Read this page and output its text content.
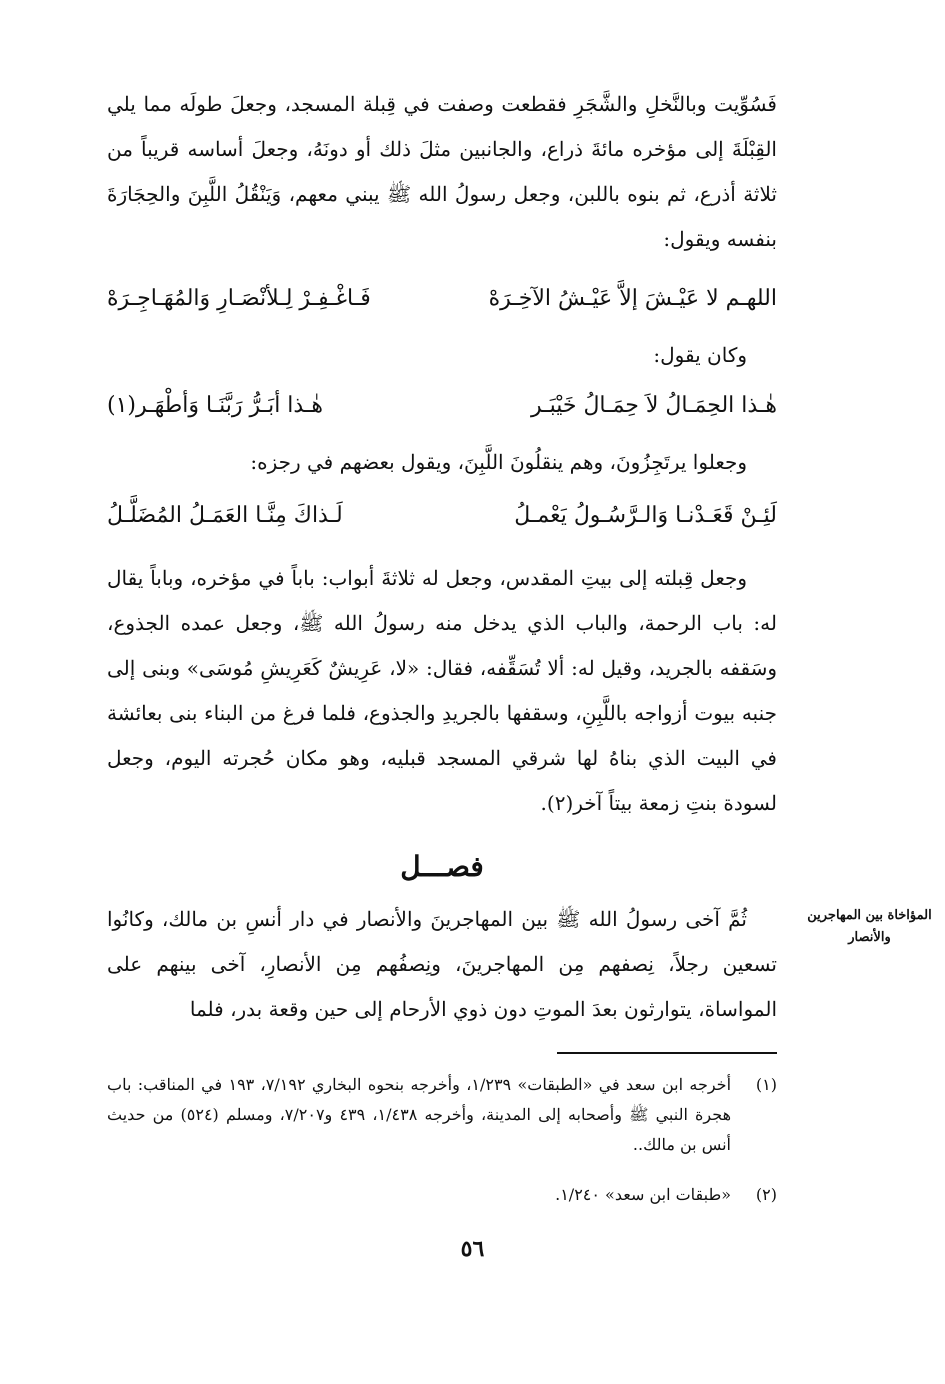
فَسُوِّيت وبالنَّخلِ والشَّجَرِ فقطعت وصفت في قِبلة المسجد، وجعلَ طولَه مما يلي القِبْلَةَ إلى مؤخره مائةَ ذراع، والجانبين مثلَ ذلك أو دونَهُ، وجعلَ أساسه قريباً من ثلاثة أذرع، ثم بنوه باللبن، وجعل رسولُ الله ﷺ يبني معهم، وَيَنْقُلُ اللَّبِنَ والحِجَارَةَ بنفسه ويقول:
اللهـم لا عَيْـشَ إلاَّ عَيْـشُ الآخِـرَهْ
فَـاغْـفِـرْ لِـلأنْصَـارِ وَالمُهَـاجِـرَهْ
وكان يقول:
هٰـذا الحِمَـالُ لاَ حِمَـالُ خَيْبَـر
هٰـذا أبَـرُّ رَبَّنَـا وَأطْهَـر(١)
وجعلوا يرتَجِزُونَ، وهم ينقلُونَ اللَّبِنَ، ويقول بعضهم في رجزه:
لَئِـنْ قَعَـدْنـا وَالـرَّسُـولُ يَعْمـلُ
لَـذاكَ مِنَّـا العَمَـلُ المُضَلَّـلُ
وجعل قِبلته إلى بيتِ المقدس، وجعل له ثلاثةَ أبواب: باباً في مؤخره، وباباً يقال له: باب الرحمة، والباب الذي يدخل منه رسولُ الله ﷺ، وجعل عمده الجذوع، وسَقفه بالجريد، وقيل له: ألا تُسَقِّفه، فقال: «لا، عَرِيشٌ كَعَرِيشِ مُوسَى» وبنى إلى جنبه بيوت أزواجه باللَّبِنِ، وسقفها بالجريدِ والجذوع، فلما فرغ من البناء بنى بعائشة في البيت الذي بناهُ لها شرقي المسجد قبليه، وهو مكان حُجرته اليوم، وجعل لسودة بنتِ زمعة بيتاً آخر(٢).
فصـــل
المؤاخاة بين المهاجرين والأنصار
ثُمَّ آخى رسولُ الله ﷺ بين المهاجرينَ والأنصار في دار أنسِ بن مالك، وكانُوا تسعين رجلاً، نِصفهم مِن المهاجرينَ، ونِصفُهم مِن الأنصارِ، آخى بينهم على المواساة، يتوارثون بعدَ الموتِ دون ذوي الأرحام إلى حين وقعة بدر، فلما
(١)
أخرجه ابن سعد في «الطبقات» ١/٢٣٩، وأخرجه بنحوه البخاري ٧/١٩٢، ١٩٣ في المناقب: باب هجرة النبي ﷺ وأصحابه إلى المدينة، وأخرجه ١/٤٣٨، ٤٣٩ و٧/٢٠٧، ومسلم (٥٢٤) من حديث أنس بن مالك..
(٢)
«طبقات ابن سعد» ١/٢٤٠.
٥٦
